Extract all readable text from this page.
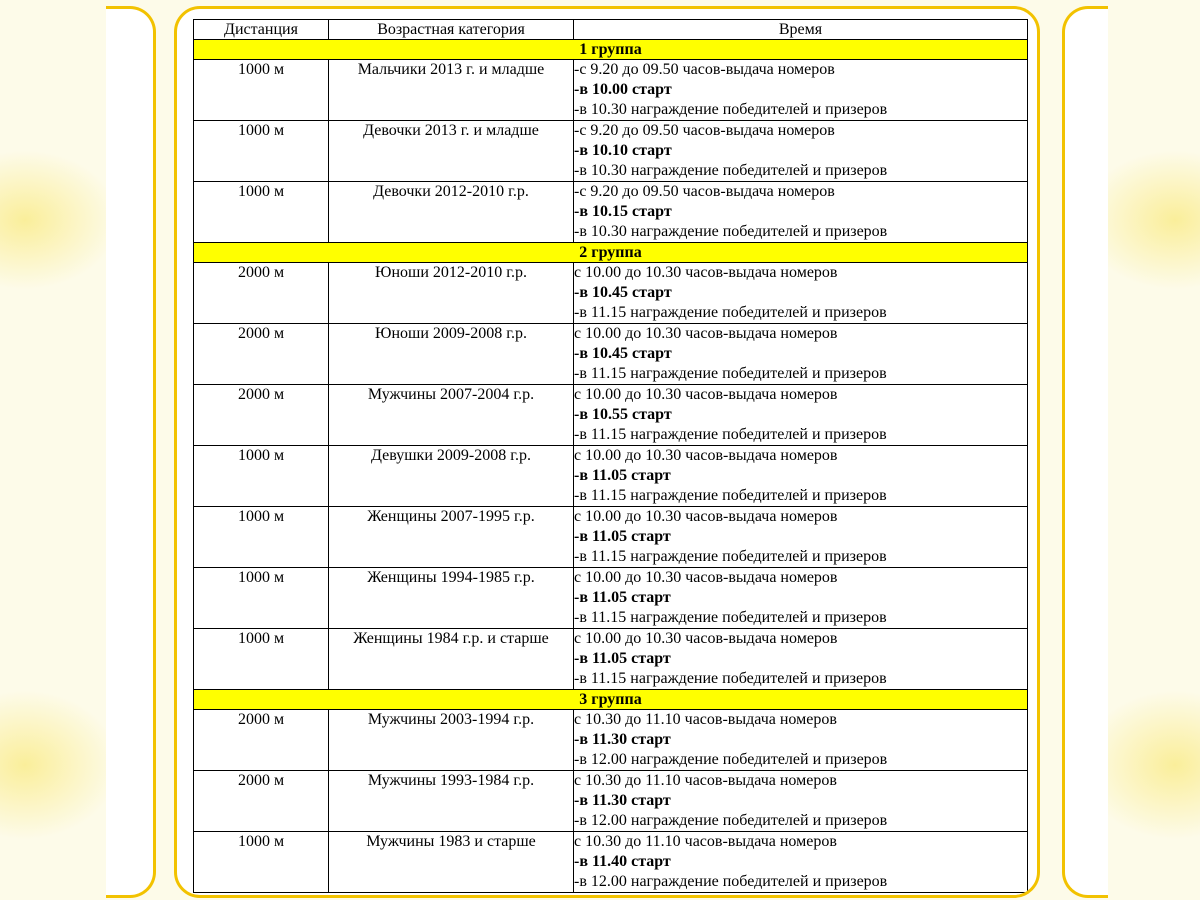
Дистанция	Возрастная категория	Время
1 группа		
1000 м	Мальчики 2013 г. и младше	-с 9.20 до 09.50 часов-выдача номеров
-в 10.00 старт
-в 10.30 награждение победителей и призеров

1000 м	Девочки 2013 г. и младше	-с 9.20 до 09.50 часов-выдача номеров
-в 10.10 старт
-в 10.30 награждение победителей и призеров

1000 м	Девочки 2012-2010 г.р.	-с 9.20 до 09.50 часов-выдача номеров
-в 10.15 старт
-в 10.30 награждение победителей и призеров

2 группа		
2000 м	Юноши 2012-2010 г.р.	с 10.00 до 10.30 часов-выдача номеров
-в 10.45 старт
-в 11.15 награждение победителей и призеров

2000 м	Юноши 2009-2008 г.р.	с 10.00 до 10.30 часов-выдача номеров
-в 10.45 старт
-в 11.15 награждение победителей и призеров

2000 м	Мужчины 2007-2004 г.р.	с 10.00 до 10.30 часов-выдача номеров
-в 10.55 старт
-в 11.15 награждение победителей и призеров

1000 м	Девушки 2009-2008 г.р.	с 10.00 до 10.30 часов-выдача номеров
-в 11.05 старт
-в 11.15 награждение победителей и призеров

1000 м	Женщины 2007-1995 г.р.	с 10.00 до 10.30 часов-выдача номеров
-в 11.05 старт
-в 11.15 награждение победителей и призеров

1000 м	Женщины 1994-1985 г.р.	с 10.00 до 10.30 часов-выдача номеров
-в 11.05 старт
-в 11.15 награждение победителей и призеров

1000 м	Женщины 1984 г.р. и старше	с 10.00 до 10.30 часов-выдача номеров
-в 11.05 старт
-в 11.15 награждение победителей и призеров

3 группа		
2000 м	Мужчины 2003-1994 г.р.	с 10.30 до 11.10 часов-выдача номеров
-в 11.30 старт
-в 12.00 награждение победителей и призеров

2000 м	Мужчины 1993-1984 г.р.	с 10.30 до 11.10 часов-выдача номеров
-в 11.30 старт
-в 12.00 награждение победителей и призеров

1000 м	Мужчины 1983 и старше	с 10.30 до 11.10 часов-выдача номеров
-в 11.40 старт
-в 12.00 награждение победителей и призеров
